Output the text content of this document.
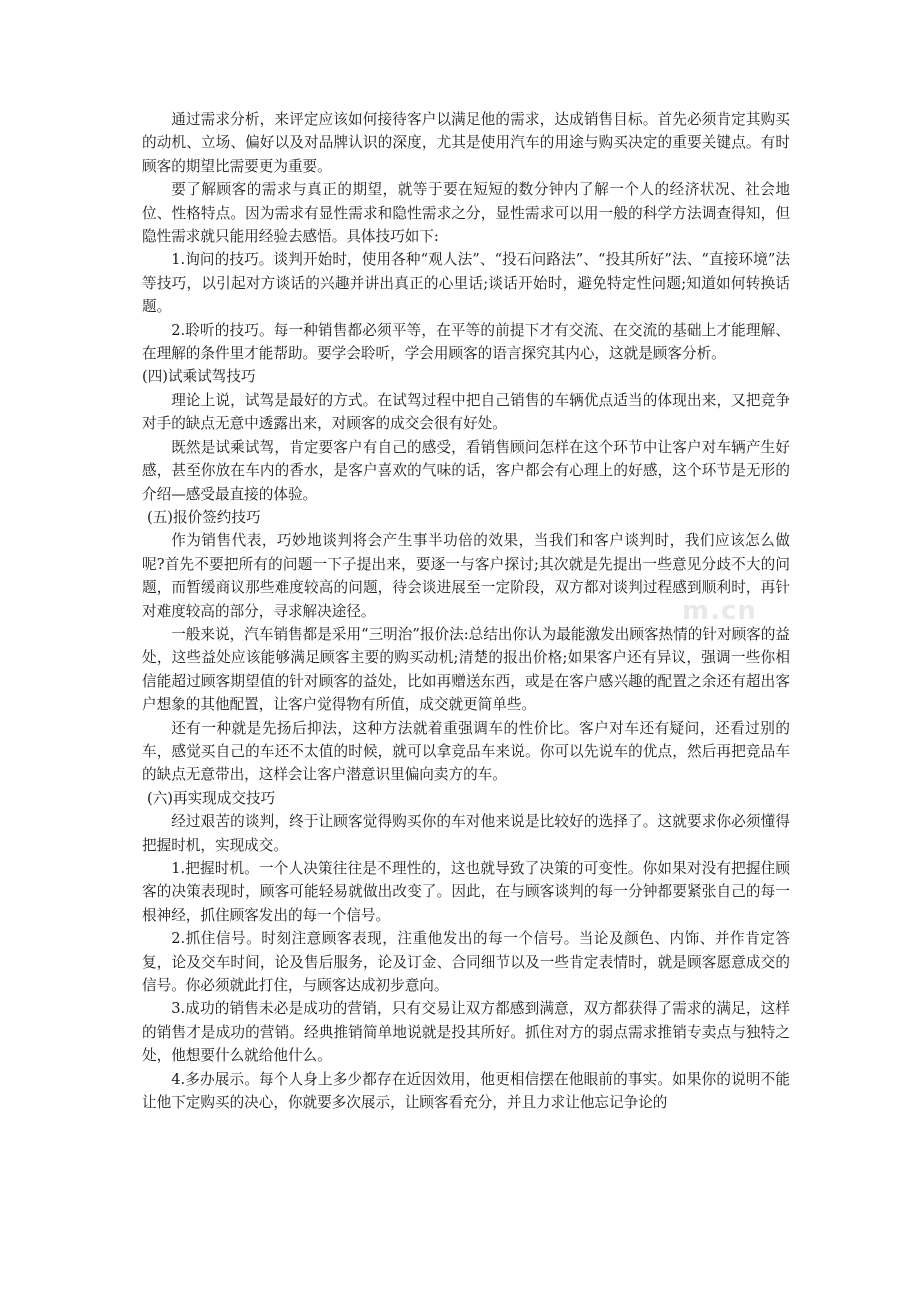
m.cn

通过需求分析，来评定应该如何接待客户以满足他的需求，达成销售目标。首先必须肯定其购买的动机、立场、偏好以及对品牌认识的深度，尤其是使用汽车的用途与购买决定的重要关键点。有时顾客的期望比需要更为重要。

要了解顾客的需求与真正的期望，就等于要在短短的数分钟内了解一个人的经济状况、社会地位、性格特点。因为需求有显性需求和隐性需求之分，显性需求可以用一般的科学方法调查得知，但隐性需求就只能用经验去感悟。具体技巧如下:

1.询问的技巧。谈判开始时，使用各种“观人法”、“投石问路法”、“投其所好”法、“直接环境”法等技巧，以引起对方谈话的兴趣并讲出真正的心里话;谈话开始时，避免特定性问题;知道如何转换话题。

2.聆听的技巧。每一种销售都必须平等，在平等的前提下才有交流、在交流的基础上才能理解、在理解的条件里才能帮助。要学会聆听，学会用顾客的语言探究其内心，这就是顾客分析。

(四)试乘试驾技巧

理论上说，试驾是最好的方式。在试驾过程中把自己销售的车辆优点适当的体现出来，又把竞争对手的缺点无意中透露出来，对顾客的成交会很有好处。

既然是试乘试驾，肯定要客户有自己的感受，看销售顾问怎样在这个环节中让客户对车辆产生好感，甚至你放在车内的香水，是客户喜欢的气味的话，客户都会有心理上的好感，这个环节是无形的介绍—感受最直接的体验。

(五)报价签约技巧

作为销售代表，巧妙地谈判将会产生事半功倍的效果，当我们和客户谈判时，我们应该怎么做呢?首先不要把所有的问题一下子提出来，要逐一与客户探讨;其次就是先提出一些意见分歧不大的问题，而暂缓商议那些难度较高的问题，待会谈进展至一定阶段，双方都对谈判过程感到顺利时，再针对难度较高的部分，寻求解决途径。

一般来说，汽车销售都是采用“三明治”报价法:总结出你认为最能激发出顾客热情的针对顾客的益处，这些益处应该能够满足顾客主要的购买动机;清楚的报出价格;如果客户还有异议，强调一些你相信能超过顾客期望值的针对顾客的益处，比如再赠送东西，或是在客户感兴趣的配置之余还有超出客户想象的其他配置，让客户觉得物有所值，成交就更简单些。

还有一种就是先扬后抑法，这种方法就着重强调车的性价比。客户对车还有疑问，还看过别的车，感觉买自己的车还不太值的时候，就可以拿竞品车来说。你可以先说车的优点，然后再把竞品车的缺点无意带出，这样会让客户潜意识里偏向卖方的车。

(六)再实现成交技巧

经过艰苦的谈判，终于让顾客觉得购买你的车对他来说是比较好的选择了。这就要求你必须懂得把握时机，实现成交。

1.把握时机。一个人决策往往是不理性的，这也就导致了决策的可变性。你如果对没有把握住顾客的决策表现时，顾客可能轻易就做出改变了。因此，在与顾客谈判的每一分钟都要紧张自己的每一根神经，抓住顾客发出的每一个信号。

2.抓住信号。时刻注意顾客表现，注重他发出的每一个信号。当论及颜色、内饰、并作肯定答复，论及交车时间，论及售后服务，论及订金、合同细节以及一些肯定表情时，就是顾客愿意成交的信号。你必须就此打住，与顾客达成初步意向。

3.成功的销售未必是成功的营销，只有交易让双方都感到满意，双方都获得了需求的满足，这样的销售才是成功的营销。经典推销简单地说就是投其所好。抓住对方的弱点需求推销专卖点与独特之处，他想要什么就给他什么。

4.多办展示。每个人身上多少都存在近因效用，他更相信摆在他眼前的事实。如果你的说明不能让他下定购买的决心，你就要多次展示，让顾客看充分，并且力求让他忘记争论的
